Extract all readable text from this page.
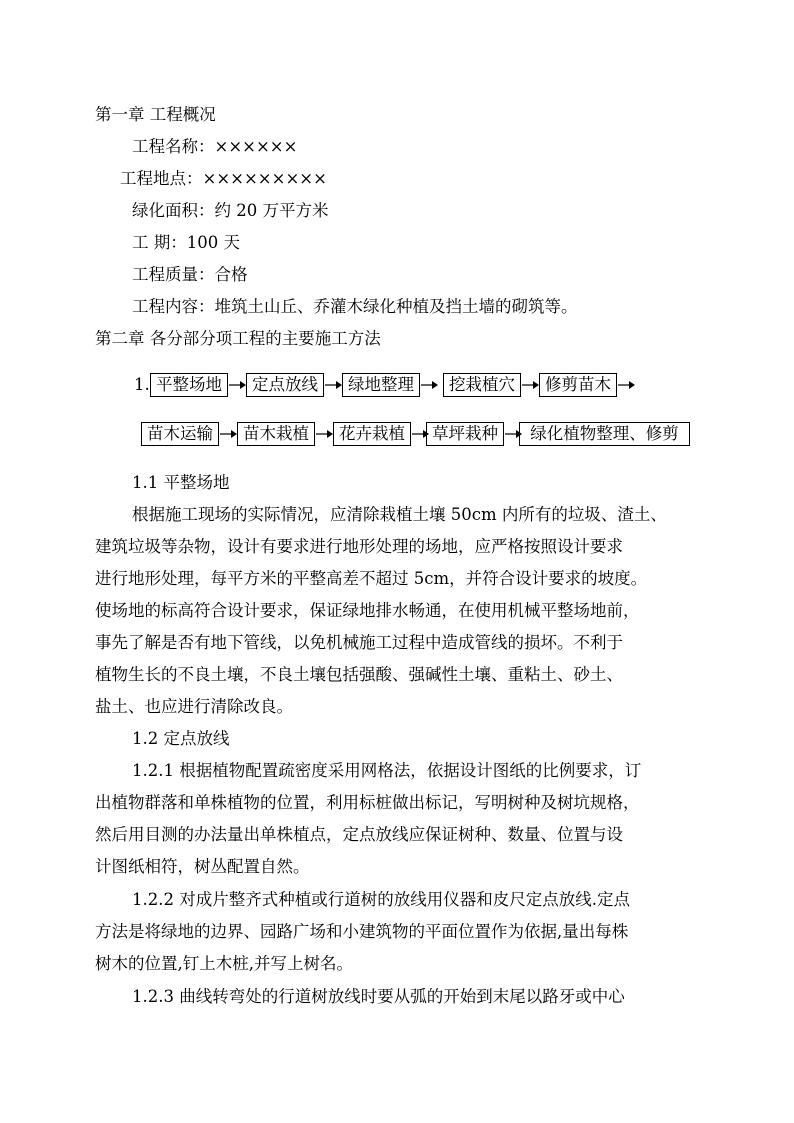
第一章 工程概况
工程名称：××××××
工程地点：×××××××××
绿化面积：约 20 万平方米
工 期：100 天
工程质量：合格
工程内容：堆筑土山丘、乔灌木绿化种植及挡土墙的砌筑等。
第二章 各分部分项工程的主要施工方法
1. 平整场地	定点放线	绿地整理	挖栽植穴	修剪苗木
苗木运输	苗木栽植	花卉栽植	草坪栽种	绿化植物整理、修剪
1.1 平整场地
根据施工现场的实际情况，应清除栽植土壤 50cm 内所有的垃圾、渣土、
建筑垃圾等杂物，设计有要求进行地形处理的场地，应严格按照设计要求
进行地形处理，每平方米的平整高差不超过 5cm，并符合设计要求的坡度。
使场地的标高符合设计要求，保证绿地排水畅通，在使用机械平整场地前，
事先了解是否有地下管线，以免机械施工过程中造成管线的损坏。不利于
植物生长的不良土壤，不良土壤包括强酸、强碱性土壤、重粘土、砂土、
盐土、也应进行清除改良。
1.2 定点放线
1.2.1 根据植物配置疏密度采用网格法，依据设计图纸的比例要求，订
出植物群落和单株植物的位置，利用标桩做出标记，写明树种及树坑规格，
然后用目测的办法量出单株植点，定点放线应保证树种、数量、位置与设
计图纸相符，树丛配置自然。
1.2.2 对成片整齐式种植或行道树的放线用仪器和皮尺定点放线.定点
方法是将绿地的边界、园路广场和小建筑物的平面位置作为依据,量出每株
树木的位置,钉上木桩,并写上树名。
1.2.3 曲线转弯处的行道树放线时要从弧的开始到末尾以路牙或中心
